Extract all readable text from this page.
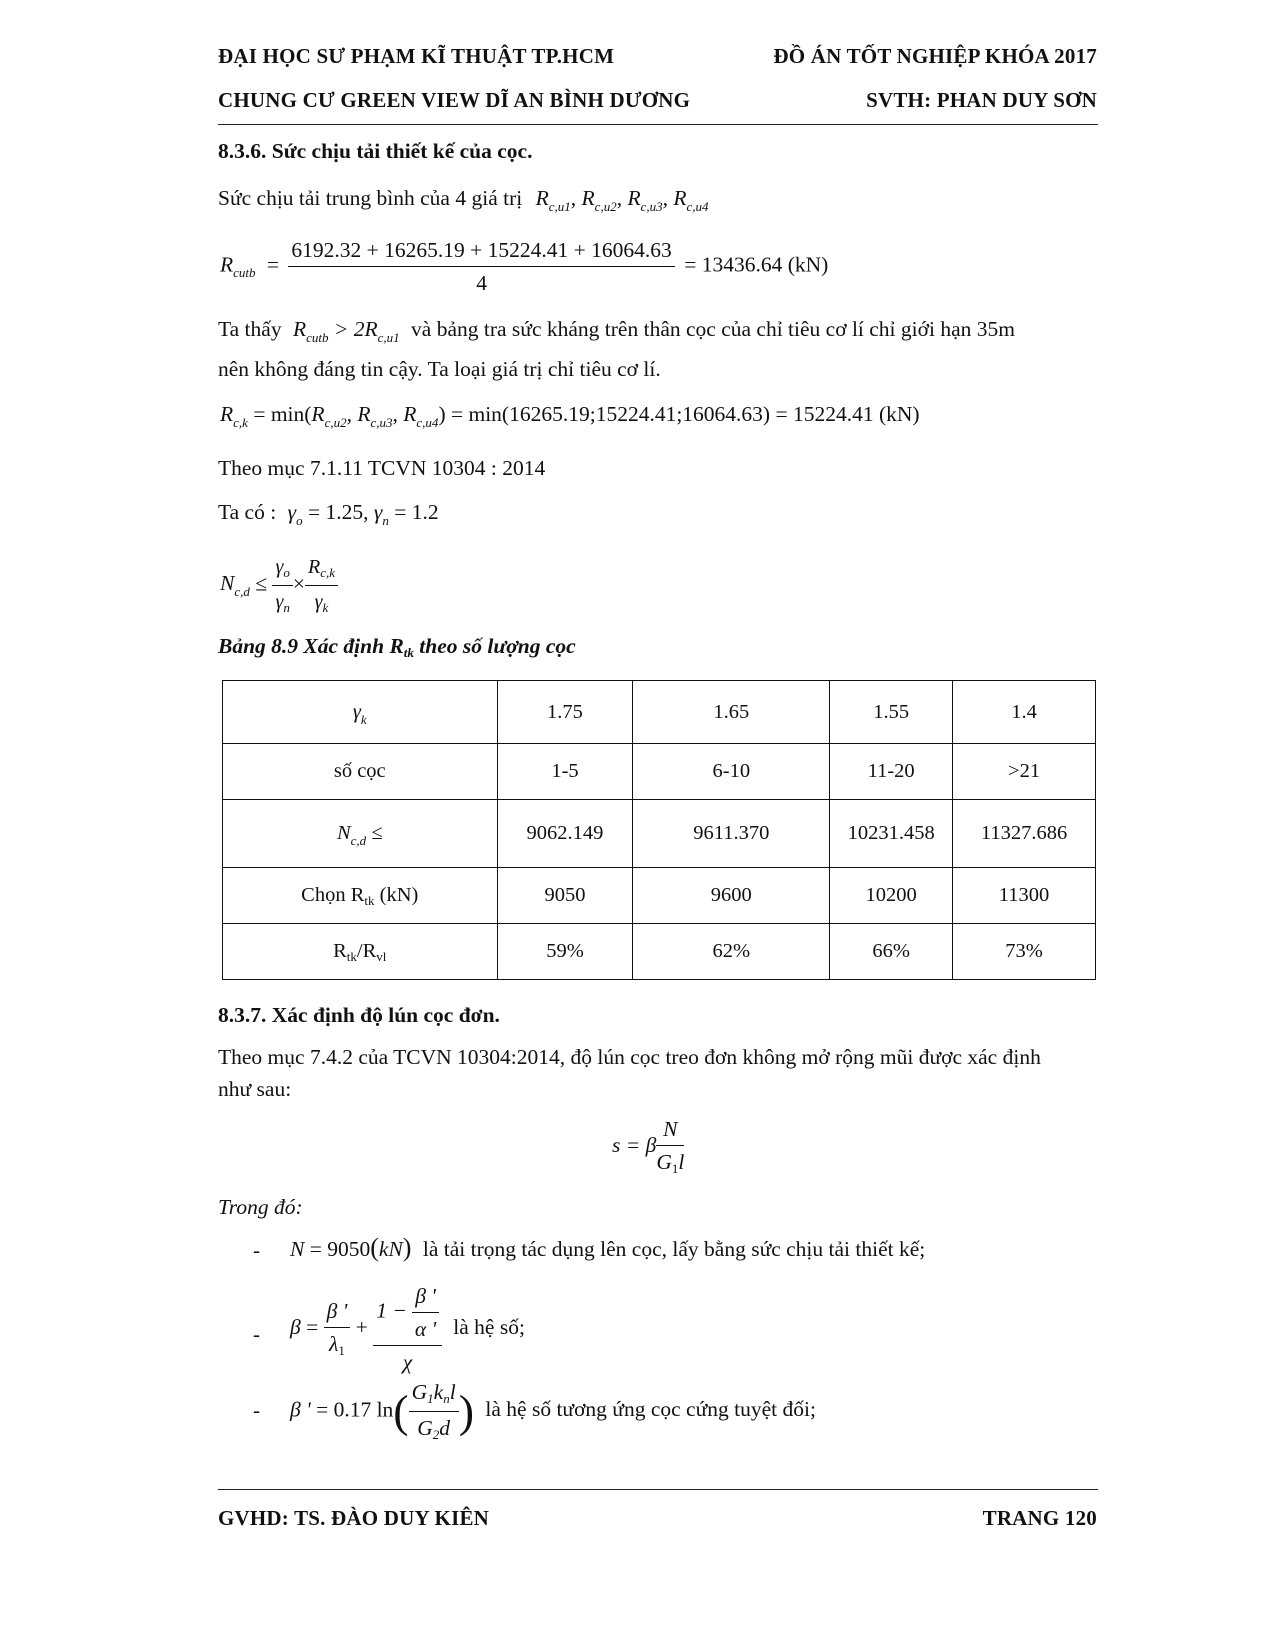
ĐẠI HỌC SƯ PHẠM KĨ THUẬT TP.HCM	ĐỒ ÁN TỐT NGHIỆP KHÓA 2017
CHUNG CƯ GREEN VIEW DĨ AN BÌNH DƯƠNG	SVTH: PHAN DUY SƠN
8.3.6. Sức chịu tải thiết kế của cọc.
Sức chịu tải trung bình của 4 giá trị $R_{c,u1}$, $R_{c,u2}$, $R_{c,u3}$, $R_{c,u4}$
$R_{cutb} = \frac{6192.32 + 16265.19 + 15224.41 + 16064.63}{4} = 13436.64$ (kN)
Ta thấy $R_{cutb} > 2R_{c,u1}$ và bảng tra sức kháng trên thân cọc của chỉ tiêu cơ lí chỉ giới hạn 35m
nên không đáng tin cậy. Ta loại giá trị chỉ tiêu cơ lí.
$R_{c,k} = \min(R_{c,u2}$, $R_{c,u3}$, $R_{c,u4}$) = min(16265.19;15224.41;16064.63) = 15224.41 (kN)
Theo mục 7.1.11 TCVN 10304 : 2014
Ta có : $\gamma_o = 1.25$, $\gamma_n = 1.2$
$N_{c,d} \le \frac{\gamma_o}{\gamma_n} \times \frac{R_{c,k}}{\gamma_k}$
Bảng 8.9 Xác định Rtk theo số lượng cọc
$\gamma_k$	1.75	1.65	1.55	1.4
số cọc	1-5	6-10	11-20	>21
$N_{c,d}$ ≤	9062.149	9611.370	10231.458	11327.686
Chọn Rtk (kN)	9050	9600	10200	11300
Rtk/Rvl	59%	62%	66%	73%
8.3.7. Xác định độ lún cọc đơn.
Theo mục 7.4.2 của TCVN 10304:2014, độ lún cọc treo đơn không mở rộng mũi được xác định
như sau:
s = β $\frac{N}{G1l}$
Trong đó:
- N = 9050(kN) là tải trọng tác dụng lên cọc, lấy bằng sức chịu tải thiết kế;
- $\beta = \frac{\beta '}{\lambda 1} + \frac{1 - \frac{\beta '}{\alpha '}}{\chi}$ là hệ số;
- β ' = 0.17 $\ln( \frac{\text{G1knl}}{G2d}$ ) là hệ số tương ứng cọc cứng tuyệt đối;
GVHD: TS. ĐÀO DUY KIÊN	TRANG 120
